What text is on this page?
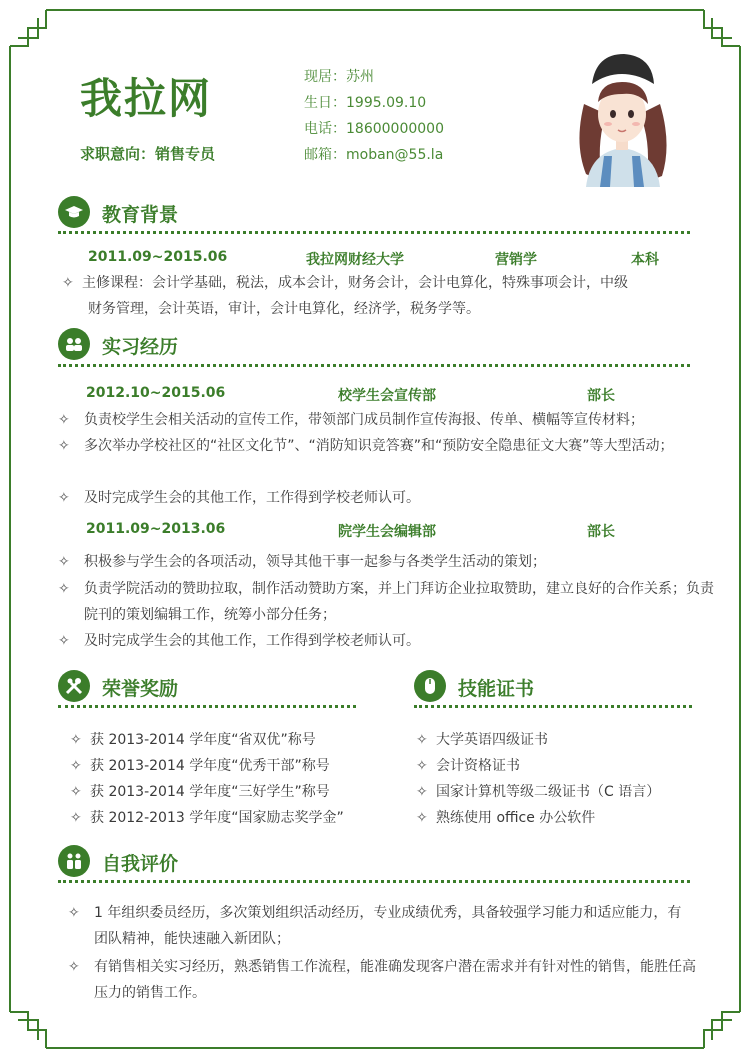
我拉网
求职意向：销售专员
现居：苏州
生日：1995.09.10
电话：18600000000
邮箱：moban@55.la
教育背景
2011.09~2015.06	我拉网财经大学	营销学	本科
✧ 主修课程：会计学基础，税法，成本会计，财务会计，会计电算化，特殊事项会计，中级
财务管理，会计英语，审计，会计电算化，经济学，税务学等。
实习经历
2012.10~2015.06	校学生会宣传部	部长
✧ 负责校学生会相关活动的宣传工作，带领部门成员制作宣传海报、传单、横幅等宣传材料；
✧ 多次举办学校社区的“社区文化节”、“消防知识竞答赛”和“预防安全隐患征文大赛”等大型活动；
✧ 及时完成学生会的其他工作，工作得到学校老师认可。
2011.09~2013.06	院学生会编辑部	部长
✧ 积极参与学生会的各项活动，领导其他干事一起参与各类学生活动的策划；
✧ 负责学院活动的赞助拉取，制作活动赞助方案，并上门拜访企业拉取赞助，建立良好的合作关系；负责院刊的策划编辑工作，统筹小部分任务；
✧ 及时完成学生会的其他工作，工作得到学校老师认可。
荣誉奖励
✧ 获 2013-2014 学年度“省双优”称号
✧ 获 2013-2014 学年度“优秀干部”称号
✧ 获 2013-2014 学年度“三好学生”称号
✧ 获 2012-2013 学年度“国家励志奖学金”
技能证书
✧ 大学英语四级证书
✧ 会计资格证书
✧ 国家计算机等级二级证书（C 语言）
✧ 熟练使用 office 办公软件
自我评价
✧ 1 年组织委员经历，多次策划组织活动经历，专业成绩优秀，具备较强学习能力和适应能力，有团队精神，能快速融入新团队；
✧ 有销售相关实习经历，熟悉销售工作流程，能准确发现客户潜在需求并有针对性的销售，能胜任高压力的销售工作。
